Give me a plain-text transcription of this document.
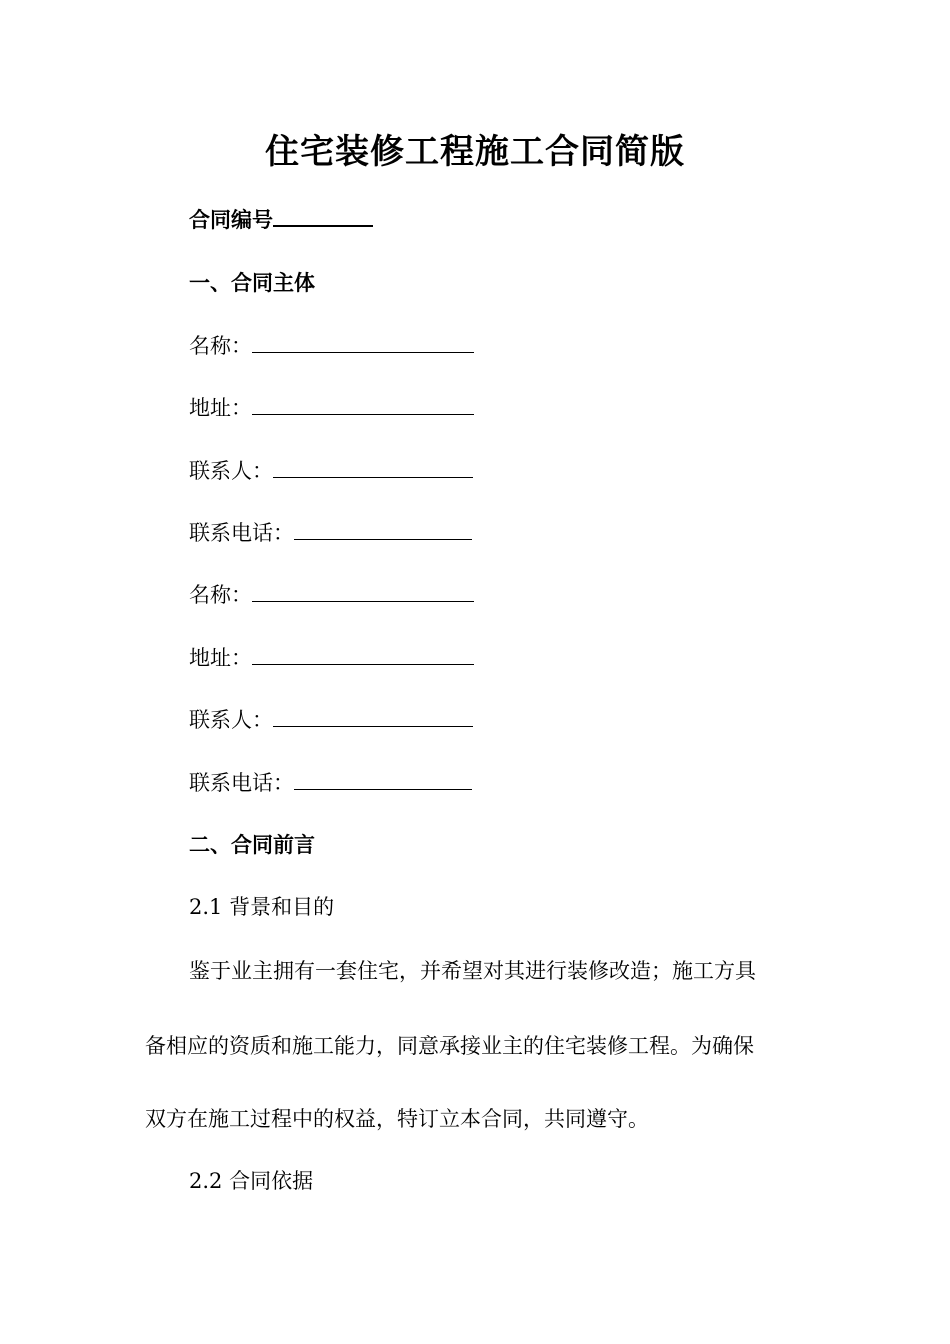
住宅装修工程施工合同简版
合同编号
一、合同主体
名称：
地址：
联系人：
联系电话：
名称：
地址：
联系人：
联系电话：
二、合同前言
2.1 背景和目的
鉴于业主拥有一套住宅，并希望对其进行装修改造；施工方具
备相应的资质和施工能力，同意承接业主的住宅装修工程。为确保
双方在施工过程中的权益，特订立本合同，共同遵守。
2.2 合同依据
